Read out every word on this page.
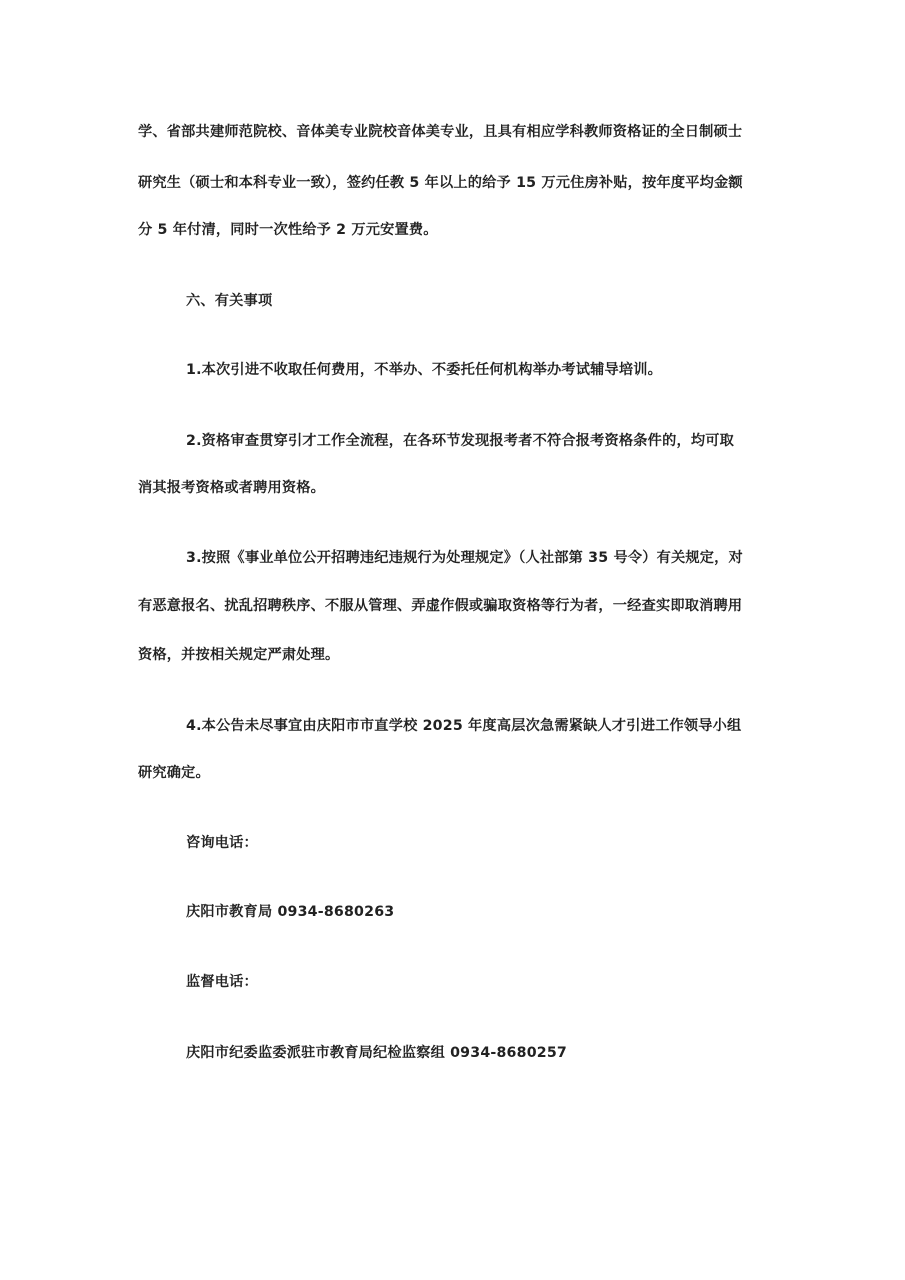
学、省部共建师范院校、音体美专业院校音体美专业，且具有相应学科教师资格证的全日制硕士
研究生（硕士和本科专业一致），签约任教 5 年以上的给予 15 万元住房补贴，按年度平均金额
分 5 年付清，同时一次性给予 2 万元安置费。
六、有关事项
1.本次引进不收取任何费用，不举办、不委托任何机构举办考试辅导培训。
2.资格审查贯穿引才工作全流程，在各环节发现报考者不符合报考资格条件的，均可取
消其报考资格或者聘用资格。
3.按照《事业单位公开招聘违纪违规行为处理规定》（人社部第 35 号令）有关规定，对
有恶意报名、扰乱招聘秩序、不服从管理、弄虚作假或骗取资格等行为者，一经查实即取消聘用
资格，并按相关规定严肃处理。
4.本公告未尽事宜由庆阳市市直学校 2025 年度高层次急需紧缺人才引进工作领导小组
研究确定。
咨询电话：
庆阳市教育局 0934-8680263
监督电话：
庆阳市纪委监委派驻市教育局纪检监察组 0934-8680257
